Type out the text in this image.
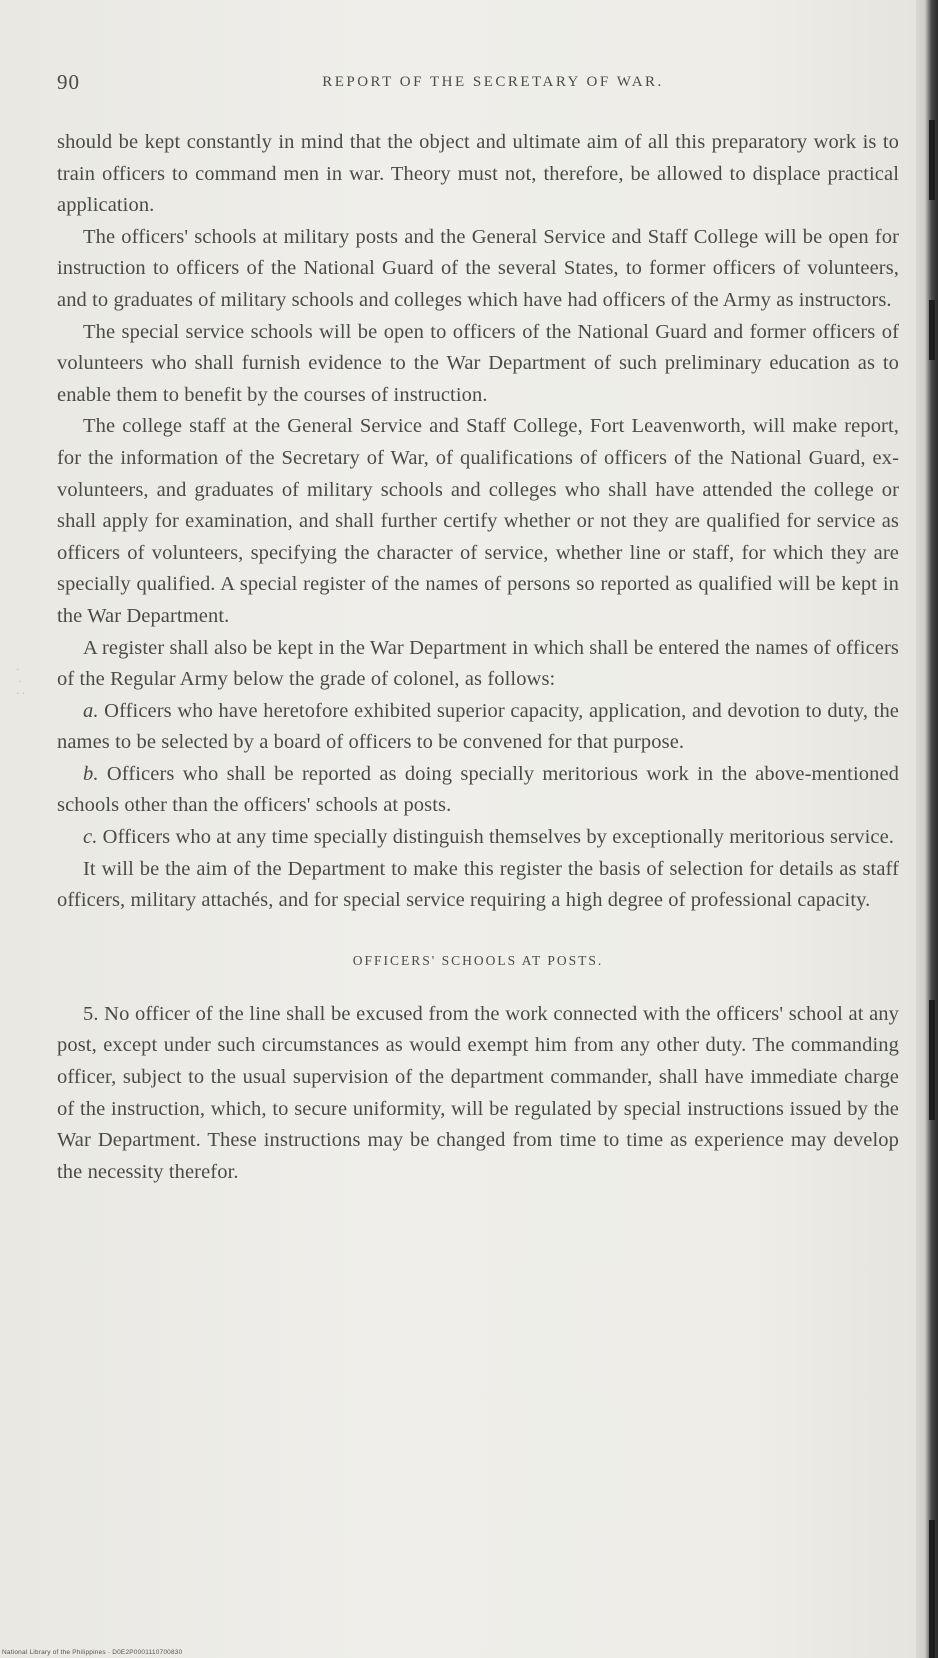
90	REPORT OF THE SECRETARY OF WAR.

should be kept constantly in mind that the object and ultimate aim of all this preparatory work is to train officers to command men in war. Theory must not, therefore, be allowed to displace practical application.

The officers' schools at military posts and the General Service and Staff College will be open for instruction to officers of the National Guard of the several States, to former officers of volunteers, and to graduates of military schools and colleges which have had officers of the Army as instructors.

The special service schools will be open to officers of the National Guard and former officers of volunteers who shall furnish evidence to the War Department of such preliminary education as to enable them to benefit by the courses of instruction.

The college staff at the General Service and Staff College, Fort Leavenworth, will make report, for the information of the Secretary of War, of qualifications of officers of the National Guard, ex-volunteers, and graduates of military schools and colleges who shall have attended the college or shall apply for examination, and shall further certify whether or not they are qualified for service as officers of volunteers, specifying the character of service, whether line or staff, for which they are specially qualified. A special register of the names of persons so reported as qualified will be kept in the War Department.

A register shall also be kept in the War Department in which shall be entered the names of officers of the Regular Army below the grade of colonel, as follows:

a. Officers who have heretofore exhibited superior capacity, application, and devotion to duty, the names to be selected by a board of officers to be convened for that purpose.

b. Officers who shall be reported as doing specially meritorious work in the above-mentioned schools other than the officers' schools at posts.

c. Officers who at any time specially distinguish themselves by exceptionally meritorious service.

It will be the aim of the Department to make this register the basis of selection for details as staff officers, military attachés, and for special service requiring a high degree of professional capacity.

OFFICERS' SCHOOLS AT POSTS.

5. No officer of the line shall be excused from the work connected with the officers' school at any post, except under such circumstances as would exempt him from any other duty. The commanding officer, subject to the usual supervision of the department commander, shall have immediate charge of the instruction, which, to secure uniformity, will be regulated by special instructions issued by the War Department. These instructions may be changed from time to time as experience may develop the necessity therefor.

·
·
· ·
National Library of the Philippines · D0E2P0001110700830
